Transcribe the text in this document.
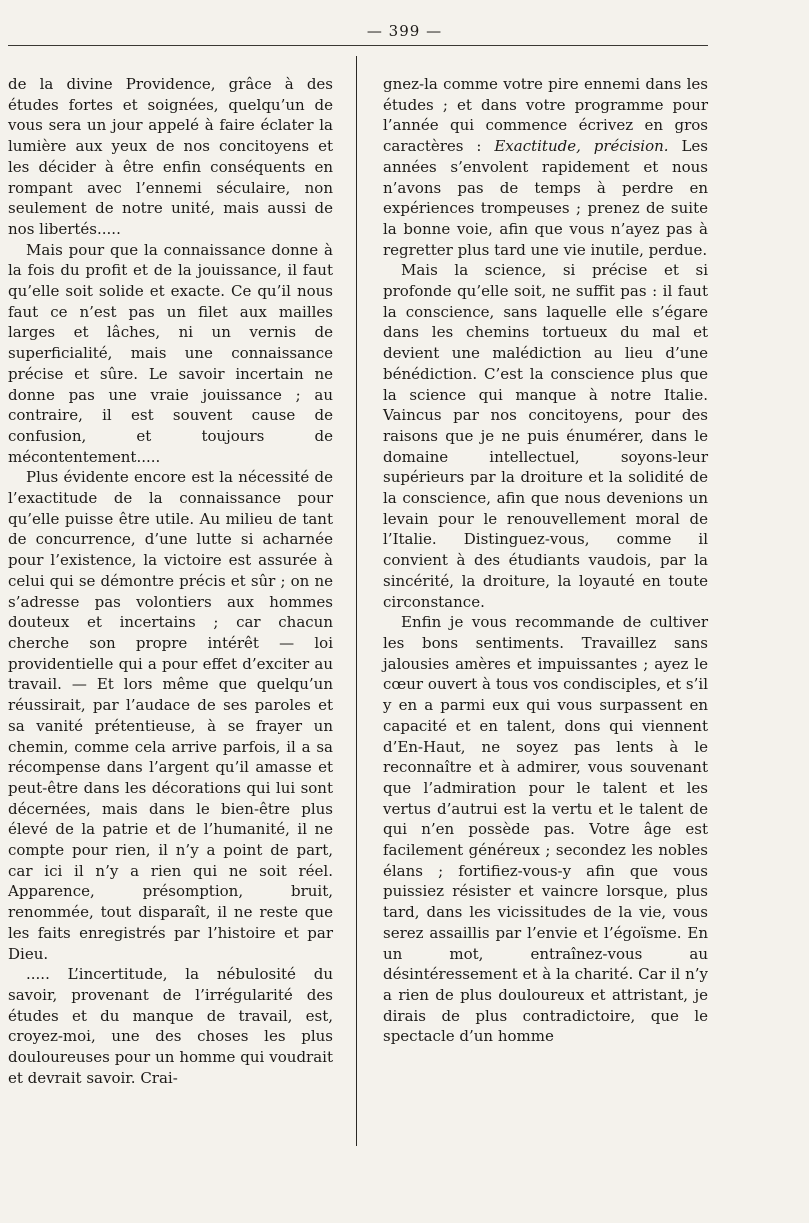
— 399 —

de la divine Providence, grâce à des études fortes et soignées, quelqu’un de vous sera un jour appelé à faire éclater la lumière aux yeux de nos concitoyens et les décider à être enfin conséquents en rompant avec l’ennemi séculaire, non seulement de notre unité, mais aussi de nos libertés.....

Mais pour que la connaissance donne à la fois du profit et de la jouissance, il faut qu’elle soit solide et exacte. Ce qu’il nous faut ce n’est pas un filet aux mailles larges et lâches, ni un vernis de superficialité, mais une connaissance précise et sûre. Le savoir incertain ne donne pas une vraie jouissance ; au contraire, il est souvent cause de confusion, et toujours de mécontentement.....

Plus évidente encore est la nécessité de l’exactitude de la connaissance pour qu’elle puisse être utile. Au milieu de tant de concurrence, d’une lutte si acharnée pour l’existence, la victoire est assurée à celui qui se démontre précis et sûr ; on ne s’adresse pas volontiers aux hommes douteux et incertains ; car chacun cherche son propre intérêt — loi providentielle qui a pour effet d’exciter au travail. — Et lors même que quelqu’un réussirait, par l’audace de ses paroles et sa vanité prétentieuse, à se frayer un chemin, comme cela arrive parfois, il a sa récompense dans l’argent qu’il amasse et peut-être dans les décorations qui lui sont décernées, mais dans le bien-être plus élevé de la patrie et de l’humanité, il ne compte pour rien, il n’y a point de part, car ici il n’y a rien qui ne soit réel. Apparence, présomption, bruit, renommée, tout disparaît, il ne reste que les faits enregistrés par l’histoire et par Dieu.

..... L’incertitude, la nébulosité du savoir, provenant de l’irrégularité des études et du manque de travail, est, croyez-moi, une des choses les plus douloureuses pour un homme qui voudrait et devrait savoir. Crai-

gnez-la comme votre pire ennemi dans les études ; et dans votre programme pour l’année qui commence écrivez en gros caractères : Exactitude, précision. Les années s’envolent rapidement et nous n’avons pas de temps à perdre en expériences trompeuses ; prenez de suite la bonne voie, afin que vous n’ayez pas à regretter plus tard une vie inutile, perdue.

Mais la science, si précise et si profonde qu’elle soit, ne suffit pas : il faut la conscience, sans laquelle elle s’égare dans les chemins tortueux du mal et devient une malédiction au lieu d’une bénédiction. C’est la conscience plus que la science qui manque à notre Italie. Vaincus par nos concitoyens, pour des raisons que je ne puis énumérer, dans le domaine intellectuel, soyons-leur supérieurs par la droiture et la solidité de la conscience, afin que nous devenions un levain pour le renouvellement moral de l’Italie. Distinguez-vous, comme il convient à des étudiants vaudois, par la sincérité, la droiture, la loyauté en toute circonstance.

Enfin je vous recommande de cultiver les bons sentiments. Travaillez sans jalousies amères et impuissantes ; ayez le cœur ouvert à tous vos condisciples, et s’il y en a parmi eux qui vous surpassent en capacité et en talent, dons qui viennent d’En-Haut, ne soyez pas lents à le reconnaître et à admirer, vous souvenant que l’admiration pour le talent et les vertus d’autrui est la vertu et le talent de qui n’en possède pas. Votre âge est facilement généreux ; secondez les nobles élans ; fortifiez-vous-y afin que vous puissiez résister et vaincre lorsque, plus tard, dans les vicissitudes de la vie, vous serez assaillis par l’envie et l’égoïsme. En un mot, entraînez-vous au désintéressement et à la charité. Car il n’y a rien de plus douloureux et attristant, je dirais de plus contradictoire, que le spectacle d’un homme
